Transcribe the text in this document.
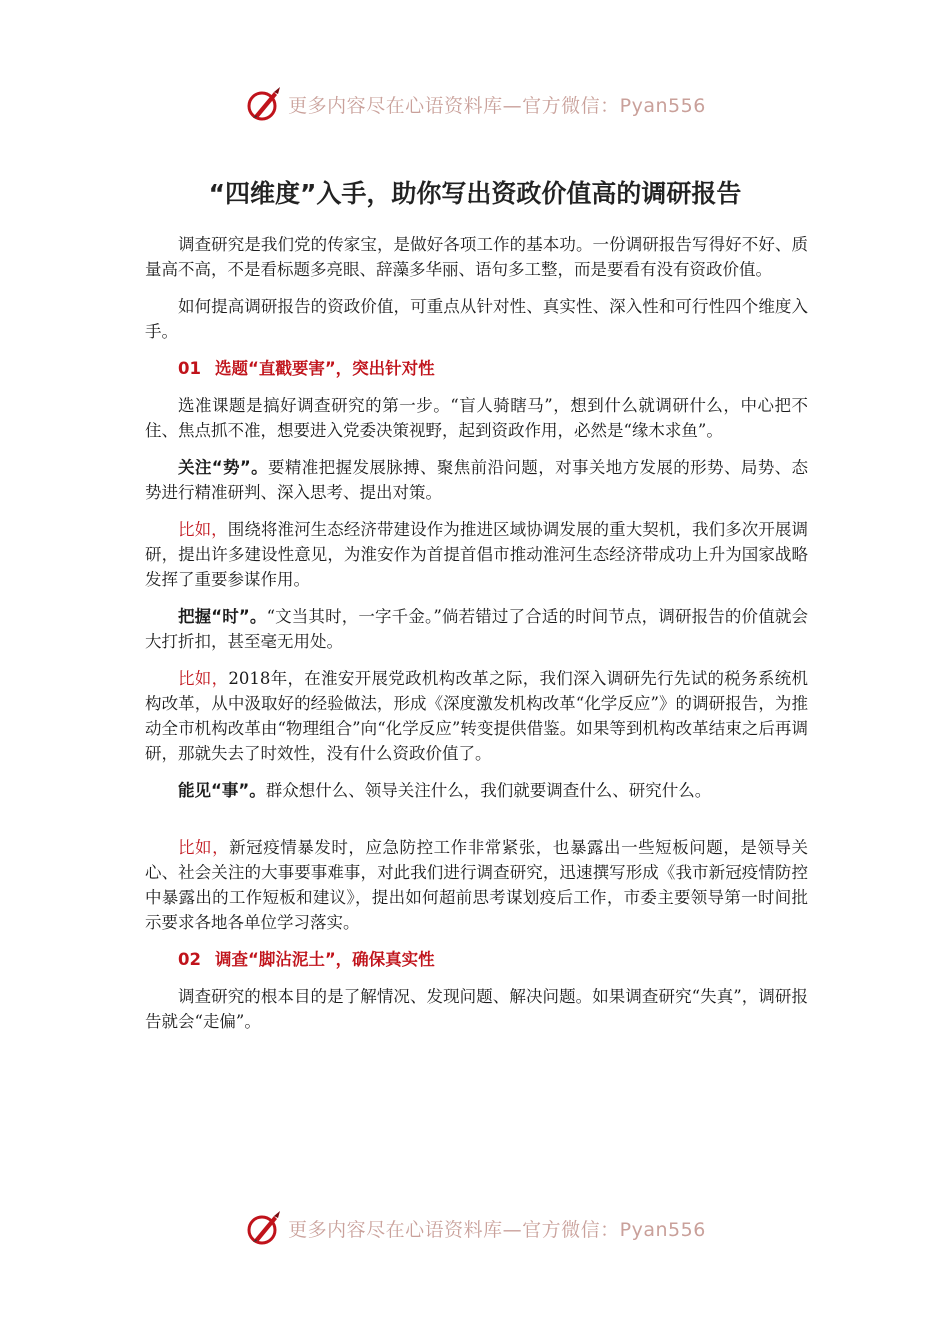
更多内容尽在心语资料库—官方微信：Pyan556
“四维度”入手，助你写出资政价值高的调研报告

调查研究是我们党的传家宝，是做好各项工作的基本功。一份调研报告写得好不好、质量高不高，不是看标题多亮眼、辞藻多华丽、语句多工整，而是要看有没有资政价值。

如何提高调研报告的资政价值，可重点从针对性、真实性、深入性和可行性四个维度入手。

01 选题“直戳要害”，突出针对性

选准课题是搞好调查研究的第一步。“盲人骑瞎马”，想到什么就调研什么，中心把不住、焦点抓不准，想要进入党委决策视野，起到资政作用，必然是“缘木求鱼”。

关注“势”。要精准把握发展脉搏、聚焦前沿问题，对事关地方发展的形势、局势、态势进行精准研判、深入思考、提出对策。

比如，围绕将淮河生态经济带建设作为推进区域协调发展的重大契机，我们多次开展调研，提出许多建设性意见，为淮安作为首提首倡市推动淮河生态经济带成功上升为国家战略发挥了重要参谋作用。

把握“时”。“文当其时，一字千金。”倘若错过了合适的时间节点，调研报告的价值就会大打折扣，甚至毫无用处。

比如，2018年，在淮安开展党政机构改革之际，我们深入调研先行先试的税务系统机构改革，从中汲取好的经验做法，形成《深度激发机构改革“化学反应”》的调研报告，为推动全市机构改革由“物理组合”向“化学反应”转变提供借鉴。如果等到机构改革结束之后再调研，那就失去了时效性，没有什么资政价值了。

能见“事”。群众想什么、领导关注什么，我们就要调查什么、研究什么。

比如，新冠疫情暴发时，应急防控工作非常紧张，也暴露出一些短板问题，是领导关心、社会关注的大事要事难事，对此我们进行调查研究，迅速撰写形成《我市新冠疫情防控中暴露出的工作短板和建议》，提出如何超前思考谋划疫后工作，市委主要领导第一时间批示要求各地各单位学习落实。

02 调查“脚沾泥土”，确保真实性

调查研究的根本目的是了解情况、发现问题、解决问题。如果调查研究“失真”，调研报告就会“走偏”。

更多内容尽在心语资料库—官方微信：Pyan556
